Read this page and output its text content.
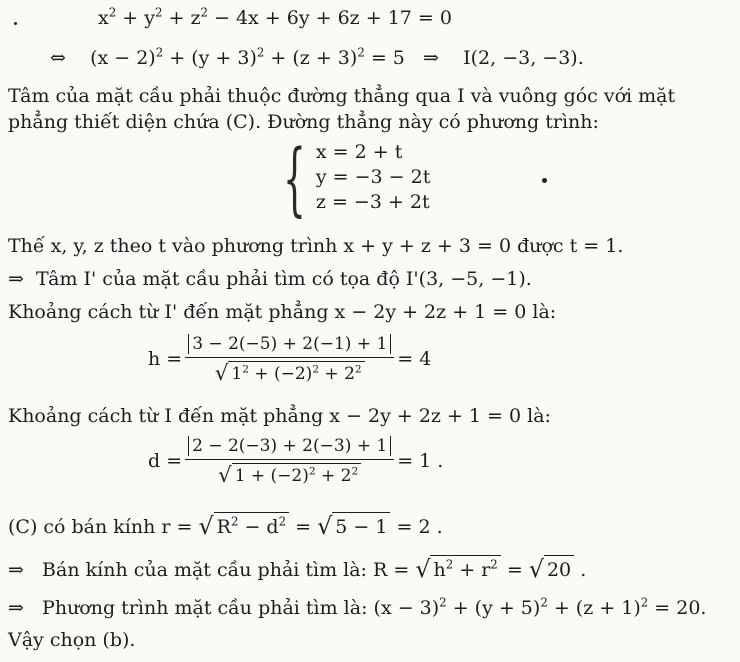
$x^2 + y^2 + z^2 - 4x + 6y + 6z + 17 = 0$
⇔ $(x - 2)^2 + (y + 3)^2 + (z + 3)^2 = 5$ ⇒ I(2, −3, −3).
Tâm của mặt cầu phải thuộc đường thẳng qua I và vuông góc với mặt
phẳng thiết diện chứa (C). Đường thẳng này có phương trình:
{ x = 2 + t
y = −3 − 2t
z = −3 + 2t
Thế x, y, z theo t vào phương trình x + y + z + 3 = 0 được t = 1.
⇒ Tâm I' của mặt cầu phải tìm có tọa độ I'(3, −5, −1).
Khoảng cách từ I' đến mặt phẳng x − 2y + 2z + 1 = 0 là:
$h = \frac{3 - 2(-5) + 2(-1) + 1}{√ 1^2 + (-2)^2 + 2^2} = 4$
Khoảng cách từ I đến mặt phẳng x − 2y + 2z + 1 = 0 là:
$d = \frac{2 - 2(-3) + 2(-3) + 1}{√ 1 + (-2)^2 + 2^2} = 1$ .
(C) có bán kính r =
√ $R^2 - d^2$
=
√ 5 − 1
= 2 .
⇒
Bán kính của mặt cầu phải tìm là: R =
√ $h^2 + r^2$
=
√ 20
.
⇒ Phương trình mặt cầu phải tìm là: $(x - 3)^2 + (y + 5)^2 + (z + 1)^2 = 20$.
Vậy chọn (b).
